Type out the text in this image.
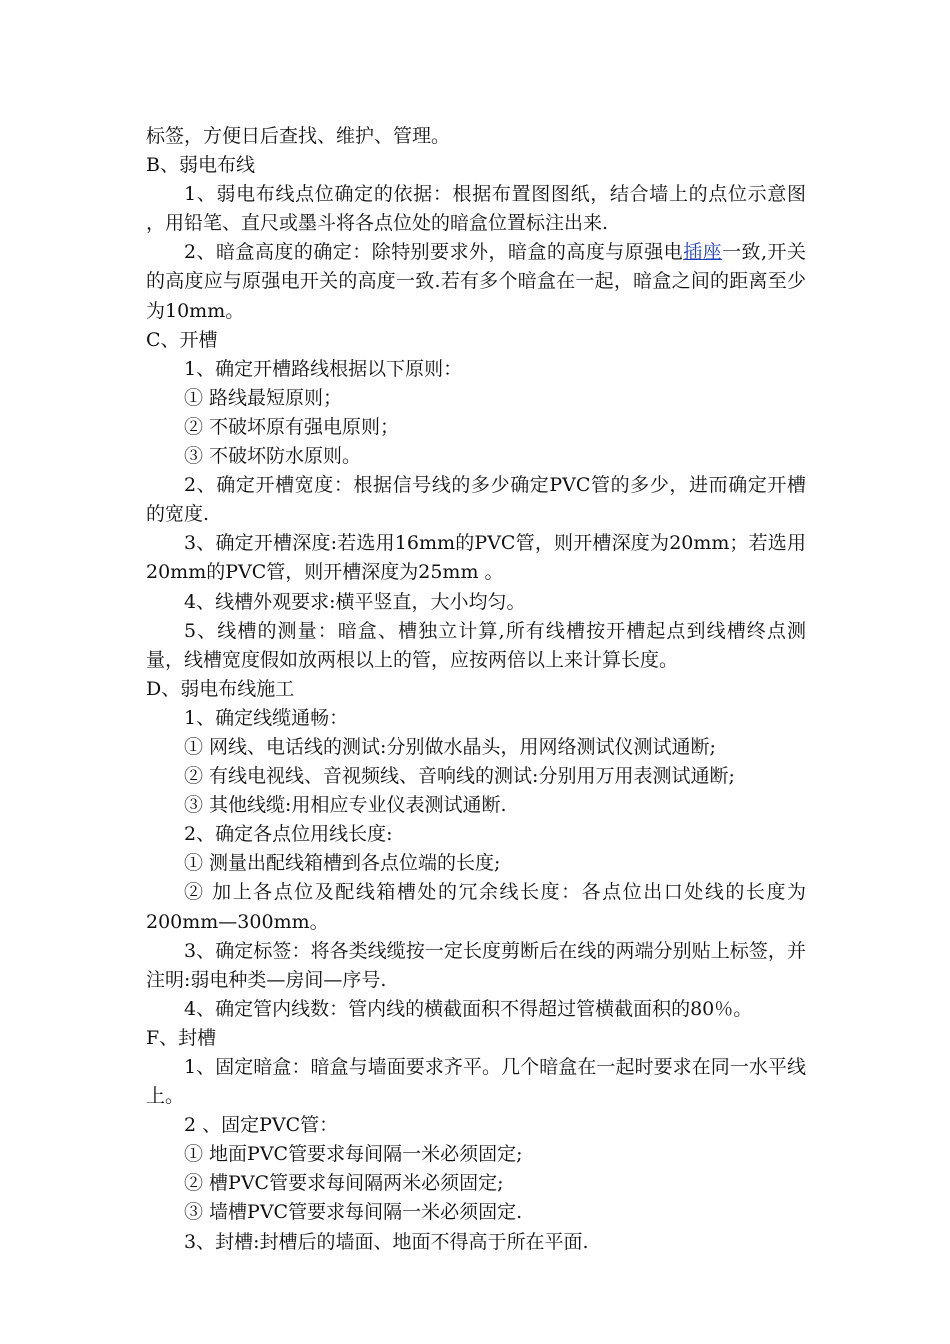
标签，方便日后查找、维护、管理。

B、弱电布线

1、弱电布线点位确定的依据：根据布置图图纸，结合墙上的点位示意图 ，用铅笔、直尺或墨斗将各点位处的暗盒位置标注出来.

2、暗盒高度的确定：除特别要求外，暗盒的高度与原强电插座一致,开关的高度应与原强电开关的高度一致.若有多个暗盒在一起，暗盒之间的距离至少为10mm。

C、开槽

1、确定开槽路线根据以下原则：

① 路线最短原则；

② 不破坏原有强电原则；

③ 不破坏防水原则。

2、确定开槽宽度：根据信号线的多少确定PVC管的多少，进而确定开槽的宽度.

3、确定开槽深度:若选用16mm的PVC管，则开槽深度为20mm；若选用20mm的PVC管，则开槽深度为25mm 。

4、线槽外观要求:横平竖直，大小均匀。

5、线槽的测量：暗盒、槽独立计算,所有线槽按开槽起点到线槽终点测量，线槽宽度假如放两根以上的管，应按两倍以上来计算长度。

D、弱电布线施工

1、确定线缆通畅：

① 网线、电话线的测试:分别做水晶头，用网络测试仪测试通断;

② 有线电视线、音视频线、音响线的测试:分别用万用表测试通断;

③ 其他线缆:用相应专业仪表测试通断.

2、确定各点位用线长度:

① 测量出配线箱槽到各点位端的长度;

② 加上各点位及配线箱槽处的冗余线长度：各点位出口处线的长度为200mm—300mm。

3、确定标签：将各类线缆按一定长度剪断后在线的两端分别贴上标签，并注明:弱电种类—房间—序号.

4、确定管内线数：管内线的横截面积不得超过管横截面积的80％。

F、封槽

1、固定暗盒：暗盒与墙面要求齐平。几个暗盒在一起时要求在同一水平线上。

2 、固定PVC管：

① 地面PVC管要求每间隔一米必须固定;

② 槽PVC管要求每间隔两米必须固定;

③ 墙槽PVC管要求每间隔一米必须固定.

3、封槽:封槽后的墙面、地面不得高于所在平面.
